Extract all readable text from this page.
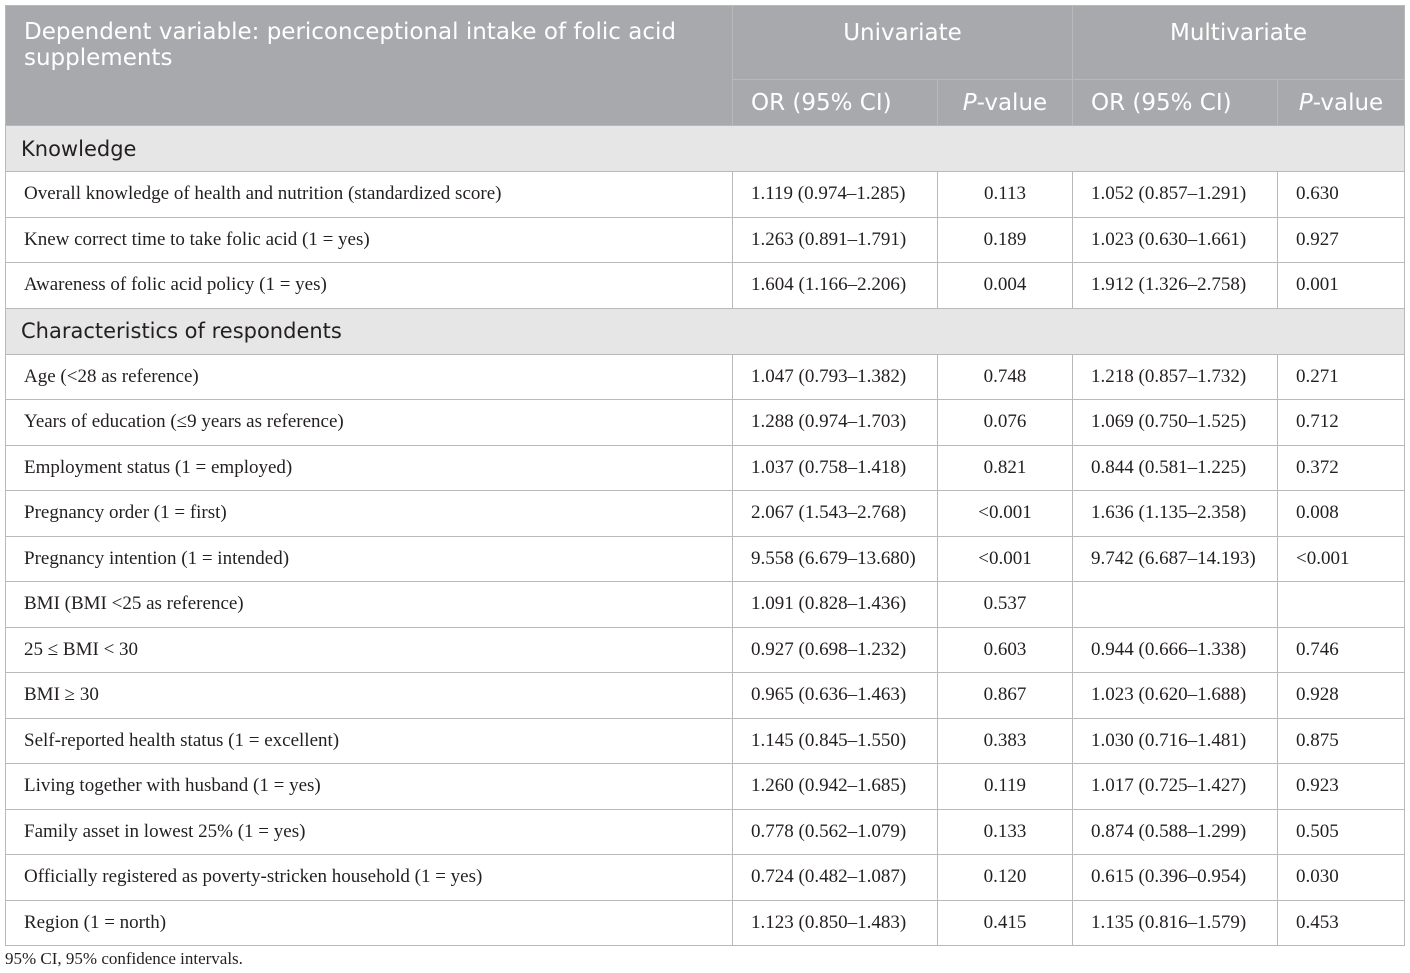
Dependent variable: periconceptional intake of folic acid supplements	Univariate		Multivariate	
	OR (95% CI)	P-value	OR (95% CI)	P-value
Knowledge				
Overall knowledge of health and nutrition (standardized score)	1.119 (0.974–1.285)	0.113	1.052 (0.857–1.291)	0.630
Knew correct time to take folic acid (1 = yes)	1.263 (0.891–1.791)	0.189	1.023 (0.630–1.661)	0.927
Awareness of folic acid policy (1 = yes)	1.604 (1.166–2.206)	0.004	1.912 (1.326–2.758)	0.001
Characteristics of respondents				
Age (<28 as reference)	1.047 (0.793–1.382)	0.748	1.218 (0.857–1.732)	0.271
Years of education (≤9 years as reference)	1.288 (0.974–1.703)	0.076	1.069 (0.750–1.525)	0.712
Employment status (1 = employed)	1.037 (0.758–1.418)	0.821	0.844 (0.581–1.225)	0.372
Pregnancy order (1 = first)	2.067 (1.543–2.768)	<0.001	1.636 (1.135–2.358)	0.008
Pregnancy intention (1 = intended)	9.558 (6.679–13.680)	<0.001	9.742 (6.687–14.193)	<0.001
BMI (BMI <25 as reference)	1.091 (0.828–1.436)	0.537		
25 ≤ BMI < 30	0.927 (0.698–1.232)	0.603	0.944 (0.666–1.338)	0.746
BMI ≥ 30	0.965 (0.636–1.463)	0.867	1.023 (0.620–1.688)	0.928
Self-reported health status (1 = excellent)	1.145 (0.845–1.550)	0.383	1.030 (0.716–1.481)	0.875
Living together with husband (1 = yes)	1.260 (0.942–1.685)	0.119	1.017 (0.725–1.427)	0.923
Family asset in lowest 25% (1 = yes)	0.778 (0.562–1.079)	0.133	0.874 (0.588–1.299)	0.505
Officially registered as poverty-stricken household (1 = yes)	0.724 (0.482–1.087)	0.120	0.615 (0.396–0.954)	0.030
Region (1 = north)	1.123 (0.850–1.483)	0.415	1.135 (0.816–1.579)	0.453
95% CI, 95% confidence intervals.
